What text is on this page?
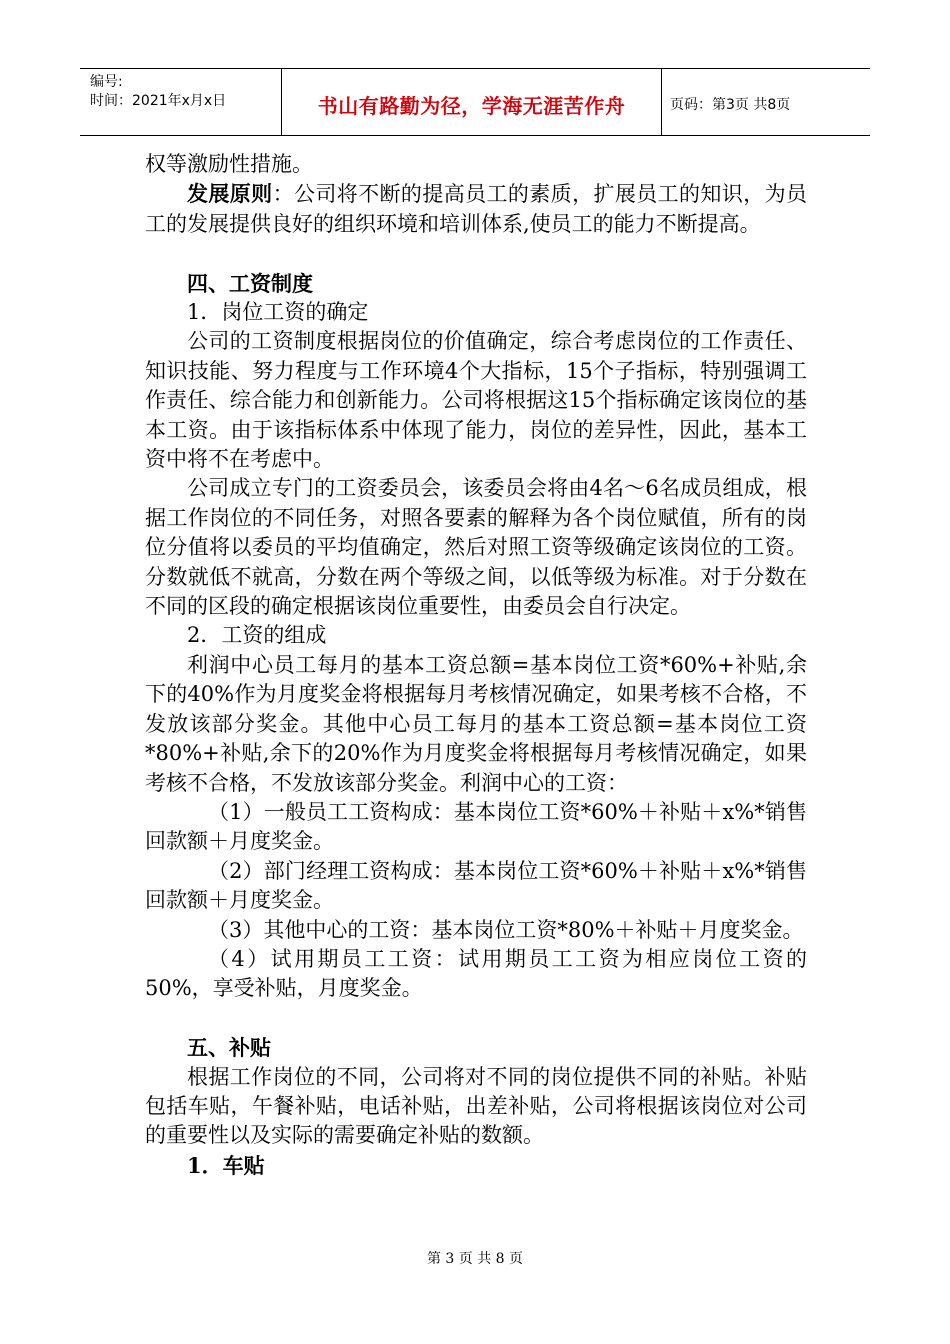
编号:
时间：2021年x月x日	书山有路勤为径，学海无涯苦作舟	页码：第3页 共8页

权等激励性措施。

发展原则：公司将不断的提高员工的素质，扩展员工的知识，为员工的发展提供良好的组织环境和培训体系,使员工的能力不断提高。

四、工资制度

1．岗位工资的确定

公司的工资制度根据岗位的价值确定，综合考虑岗位的工作责任、知识技能、努力程度与工作环境4个大指标，15个子指标，特别强调工作责任、综合能力和创新能力。公司将根据这15个指标确定该岗位的基本工资。由于该指标体系中体现了能力，岗位的差异性，因此，基本工资中将不在考虑中。

公司成立专门的工资委员会，该委员会将由4名～6名成员组成，根据工作岗位的不同任务，对照各要素的解释为各个岗位赋值，所有的岗位分值将以委员的平均值确定，然后对照工资等级确定该岗位的工资。分数就低不就高，分数在两个等级之间，以低等级为标准。对于分数在不同的区段的确定根据该岗位重要性，由委员会自行决定。

2．工资的组成

利润中心员工每月的基本工资总额=基本岗位工资*60%+补贴,余下的40%作为月度奖金将根据每月考核情况确定，如果考核不合格，不发放该部分奖金。其他中心员工每月的基本工资总额=基本岗位工资*80%+补贴,余下的20%作为月度奖金将根据每月考核情况确定，如果考核不合格，不发放该部分奖金。利润中心的工资：

（1）一般员工工资构成：基本岗位工资*60%＋补贴＋x%*销售回款额＋月度奖金。

（2）部门经理工资构成：基本岗位工资*60%＋补贴＋x%*销售回款额＋月度奖金。

（3）其他中心的工资：基本岗位工资*80%＋补贴＋月度奖金。

（4）试用期员工工资：试用期员工工资为相应岗位工资的50%，享受补贴，月度奖金。

五、补贴

根据工作岗位的不同，公司将对不同的岗位提供不同的补贴。补贴包括车贴，午餐补贴，电话补贴，出差补贴，公司将根据该岗位对公司的重要性以及实际的需要确定补贴的数额。

1．车贴

第 3 页 共 8 页
